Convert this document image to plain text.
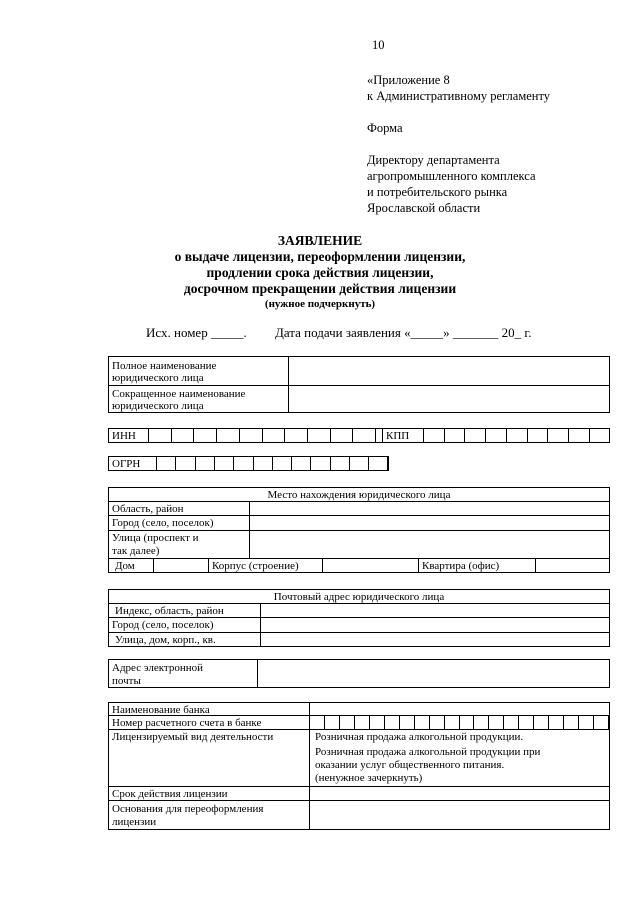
10
«Приложение 8
к Административному регламенту
Форма
Директору департамента
агропромышленного комплекса
и потребительского рынка
Ярославской области
ЗАЯВЛЕНИЕ
о выдаче лицензии, переоформлении лицензии,
продлении срока действия лицензии,
досрочном прекращении действия лицензии
(нужное подчеркнуть)
Исх. номер _____. Дата подачи заявления «_____» _______ 20_ г.
Полное наименование
юридического лица
Сокращенное наименование
юридического лица
ИНН	КПП
ОГРН
Место нахождения юридического лица
Область, район
Город (село, поселок)
Улица (проспект и
так далее)
Дом	Корпус (строение)	Квартира (офис)
Почтовый адрес юридического лица
Индекс, область, район
Город (село, поселок)
Улица, дом, корп., кв.
Адрес электронной
почты
Наименование банка
Номер расчетного счета в банке
Лицензируемый вид деятельности	Розничная продажа алкогольной продукции.
Розничная продажа алкогольной продукции при
оказании услуг общественного питания.
(ненужное зачеркнуть)
Срок действия лицензии
Основания для переоформления
лицензии
